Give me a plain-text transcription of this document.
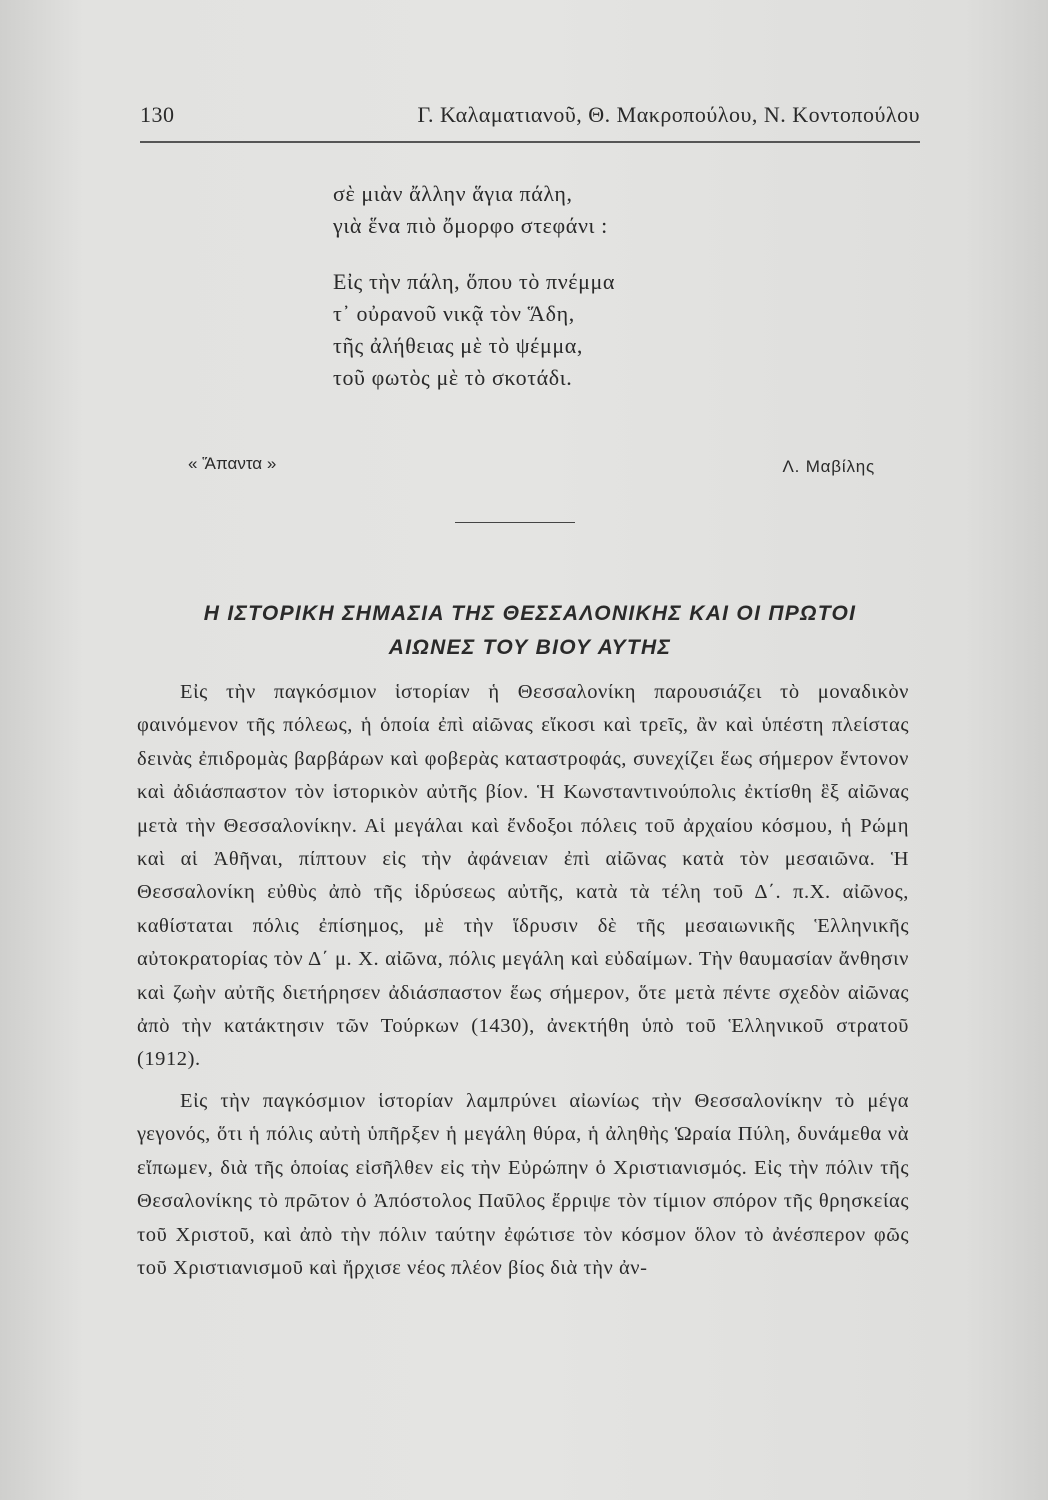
130	Γ. Καλαματιανοῦ, Θ. Μακροπούλου, Ν. Κοντοπούλου
σὲ μιὰν ἄλλην ἅγια πάλη,
γιὰ ἕνα πιὸ ὄμορφο στεφάνι :
Εἰς τὴν πάλη, ὅπου τὸ πνέμμα
τ᾽ οὐρανοῦ νικᾷ τὸν Ἅδη,
τῆς ἀλήθειας μὲ τὸ ψέμμα,
τοῦ φωτὸς μὲ τὸ σκοτάδι.
« Ἅπαντα »	Λ. Μαβίλης
Η ΙΣΤΟΡΙΚΗ ΣΗΜΑΣΙΑ ΤΗΣ ΘΕΣΣΑΛΟΝΙΚΗΣ ΚΑΙ ΟΙ ΠΡΩΤΟΙ
ΑΙΩΝΕΣ ΤΟΥ ΒΙΟΥ ΑΥΤΗΣ

Εἰς τὴν παγκόσμιον ἱστορίαν ἡ Θεσσαλονίκη παρουσιάζει τὸ μοναδικὸν φαινόμενον τῆς πόλεως, ἡ ὁποία ἐπὶ αἰῶνας εἴκοσι καὶ τρεῖς, ἂν καὶ ὑπέστη πλείστας δεινὰς ἐπιδρομὰς βαρβάρων καὶ φοβερὰς καταστροφάς, συνεχίζει ἕως σήμερον ἔντονον καὶ ἀδιάσπαστον τὸν ἱστορικὸν αὐτῆς βίον. Ἡ Κωνσταντινούπολις ἐκτίσθη ἓξ αἰῶνας μετὰ τὴν Θεσσαλονίκην. Αἱ μεγάλαι καὶ ἔνδοξοι πόλεις τοῦ ἀρχαίου κόσμου, ἡ Ρώμη καὶ αἱ Ἀθῆναι, πίπτουν εἰς τὴν ἀφάνειαν ἐπὶ αἰῶνας κατὰ τὸν μεσαιῶνα. Ἡ Θεσσαλονίκη εὐθὺς ἀπὸ τῆς ἱδρύσεως αὐτῆς, κατὰ τὰ τέλη τοῦ Δ΄. π.Χ. αἰῶνος, καθίσταται πόλις ἐπίσημος, μὲ τὴν ἵδρυσιν δὲ τῆς μεσαιωνικῆς Ἑλληνικῆς αὐτοκρατορίας τὸν Δ΄ μ. Χ. αἰῶνα, πόλις μεγάλη καὶ εὐδαίμων. Τὴν θαυμασίαν ἄνθησιν καὶ ζωὴν αὐτῆς διετήρησεν ἀδιάσπαστον ἕως σήμερον, ὅτε μετὰ πέντε σχεδὸν αἰῶνας ἀπὸ τὴν κατάκτησιν τῶν Τούρκων (1430), ἀνεκτήθη ὑπὸ τοῦ Ἑλληνικοῦ στρατοῦ (1912).

Εἰς τὴν παγκόσμιον ἱστορίαν λαμπρύνει αἰωνίως τὴν Θεσσαλονίκην τὸ μέγα γεγονός, ὅτι ἡ πόλις αὐτὴ ὑπῆρξεν ἡ μεγάλη θύρα, ἡ ἀληθὴς Ὡραία Πύλη, δυνάμεθα νὰ εἴπωμεν, διὰ τῆς ὁποίας εἰσῆλθεν εἰς τὴν Εὐρώπην ὁ Χριστιανισμός. Εἰς τὴν πόλιν τῆς Θεσαλονίκης τὸ πρῶτον ὁ Ἀπόστολος Παῦλος ἔρριψε τὸν τίμιον σπόρον τῆς θρησκείας τοῦ Χριστοῦ, καὶ ἀπὸ τὴν πόλιν ταύτην ἐφώτισε τὸν κόσμον ὅλον τὸ ἀνέσπερον φῶς τοῦ Χριστιανισμοῦ καὶ ἤρχισε νέος πλέον βίος διὰ τὴν ἀν-
